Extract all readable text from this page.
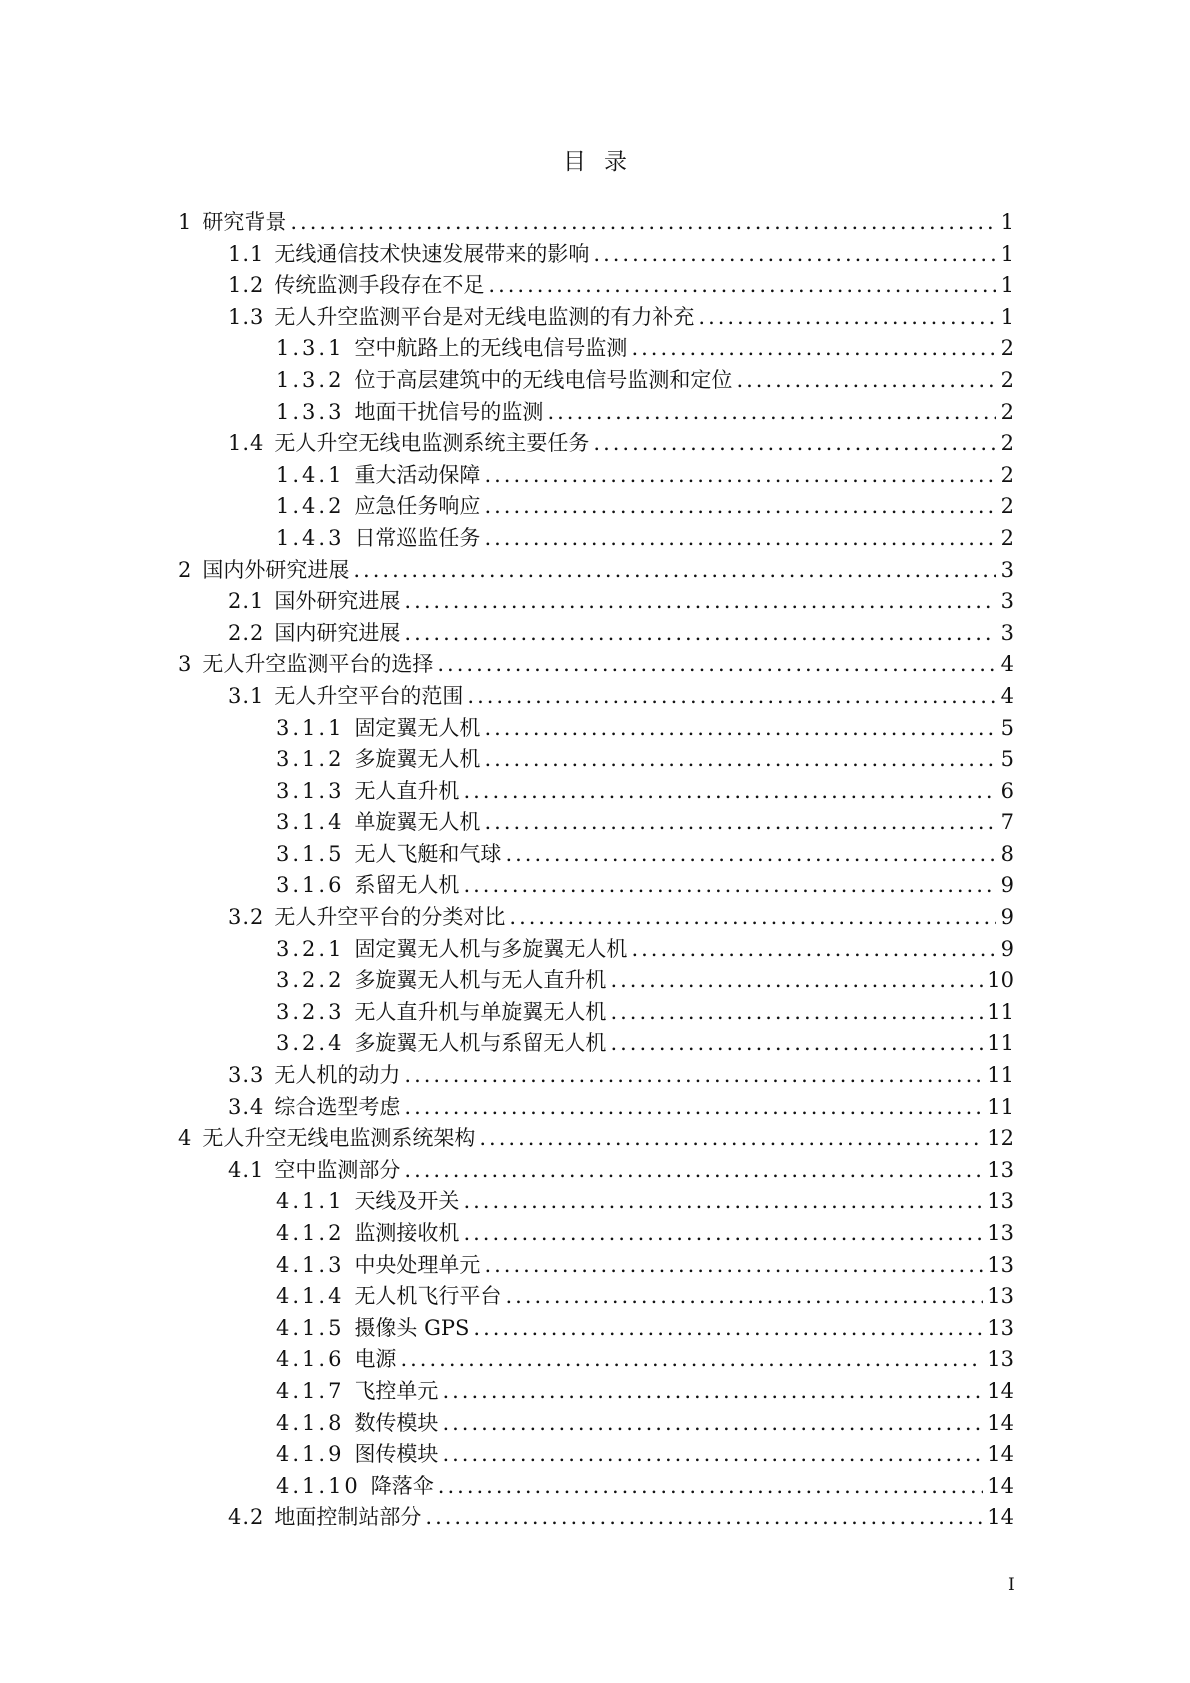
目录
1 研究背景 .....	1
1.1 无线通信技术快速发展带来的影响 .....	1
1.2 传统监测手段存在不足 .....	1
1.3 无人升空监测平台是对无线电监测的有力补充 .....	1
1.3.1 空中航路上的无线电信号监测 .....	2
1.3.2 位于高层建筑中的无线电信号监测和定位 .....	2
1.3.3 地面干扰信号的监测 .....	2
1.4 无人升空无线电监测系统主要任务 .....	2
1.4.1 重大活动保障 .....	2
1.4.2 应急任务响应 .....	2
1.4.3 日常巡监任务 .....	2
2 国内外研究进展 .....	3
2.1 国外研究进展 .....	3
2.2 国内研究进展 .....	3
3 无人升空监测平台的选择 .....	4
3.1 无人升空平台的范围 .....	4
3.1.1 固定翼无人机 .....	5
3.1.2 多旋翼无人机 .....	5
3.1.3 无人直升机 .....	6
3.1.4 单旋翼无人机 .....	7
3.1.5 无人飞艇和气球 .....	8
3.1.6 系留无人机 .....	9
3.2 无人升空平台的分类对比 .....	9
3.2.1 固定翼无人机与多旋翼无人机 .....	9
3.2.2 多旋翼无人机与无人直升机 .....	10
3.2.3 无人直升机与单旋翼无人机 .....	11
3.2.4 多旋翼无人机与系留无人机 .....	11
3.3 无人机的动力 .....	11
3.4 综合选型考虑 .....	11
4 无人升空无线电监测系统架构 .....	12
4.1 空中监测部分 .....	13
4.1.1 天线及开关 .....	13
4.1.2 监测接收机 .....	13
4.1.3 中央处理单元 .....	13
4.1.4 无人机飞行平台 .....	13
4.1.5 摄像头 GPS .....	13
4.1.6 电源 .....	13
4.1.7 飞控单元 .....	14
4.1.8 数传模块 .....	14
4.1.9 图传模块 .....	14
4.1.10 降落伞 .....	14
4.2 地面控制站部分 .....	14
I
